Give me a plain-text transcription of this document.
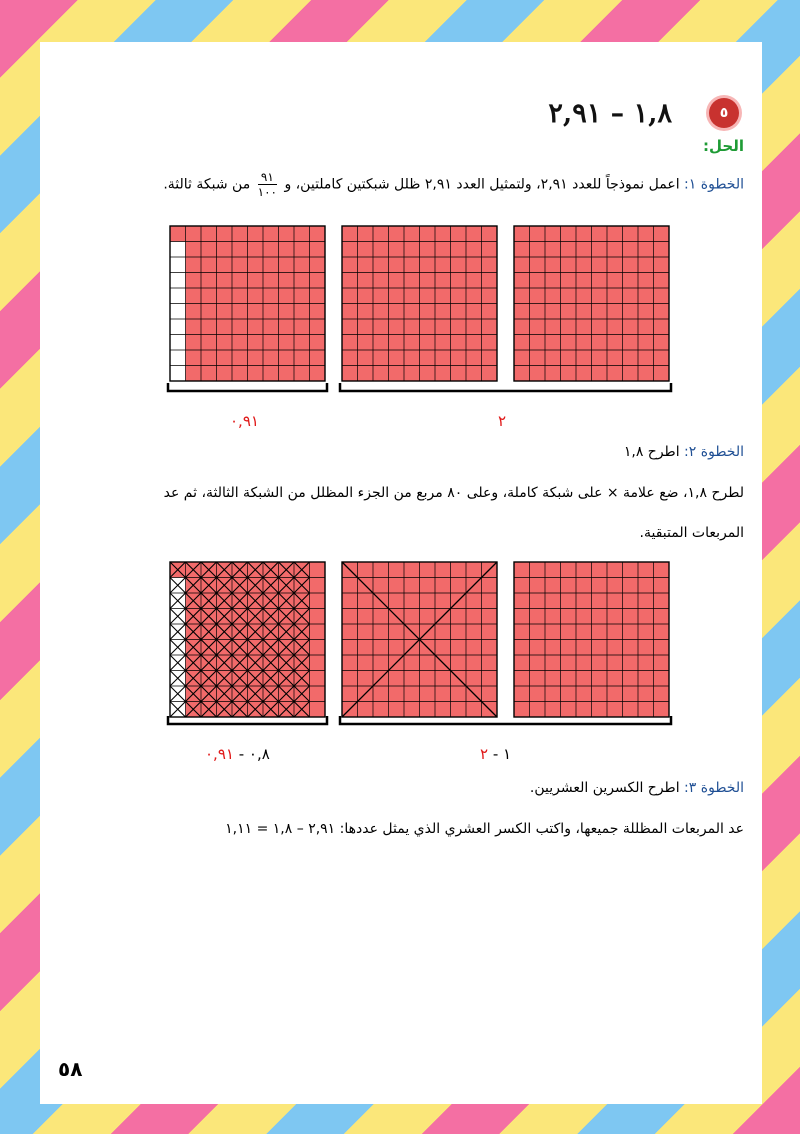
٥
١,٨ – ٢,٩١
الحل:
الخطوة ١: اعمل نموذجاً للعدد ٢,٩١، ولتمثيل العدد ٢,٩١ ظلل شبكتين كاملتين، و
$\frac{٩١}{١٠٠}$
من شبكة ثالثة.
٠,٩١	٢
الخطوة ٢: اطرح ١,٨
لطرح ١,٨، ضع علامة × على شبكة كاملة، وعلى ٨٠ مربع من الجزء المظلل من الشبكة الثالثة، ثم عد
المربعات المتبقية.
٠,٨ - ٠,٩١	١ - ٢
الخطوة ٣: اطرح الكسرين العشريين.
عد المربعات المظللة جميعها، واكتب الكسر العشري الذي يمثل عددها: ٢,٩١ – ١,٨ = ١,١١
٥٨
